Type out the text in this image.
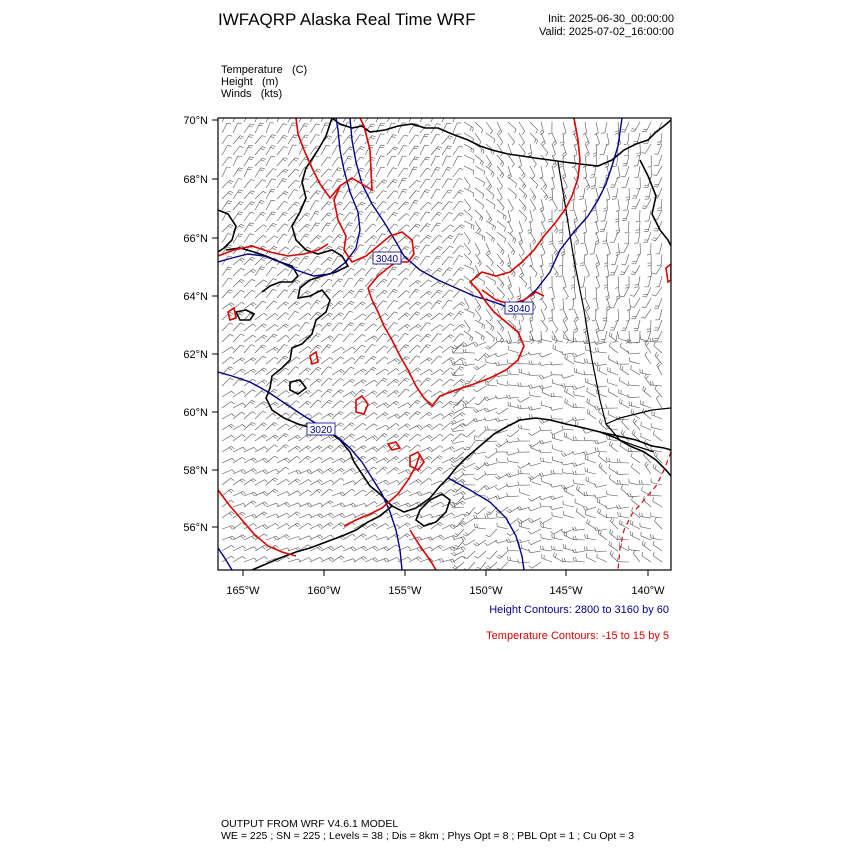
IWFAQRP Alaska Real Time WRF	Init: 2025-06-30_00:00:00
Valid: 2025-07-02_16:00:00
Temperature (C)
Height (m)
Winds (kts)
3040
3040
3020
70°N
68°N
66°N
64°N
62°N
60°N
58°N
56°N
165°W	160°W	155°W	150°W	145°W	140°W
Height Contours: 2800 to 3160 by 60
Temperature Contours: -15 to 15 by 5
OUTPUT FROM WRF V4.6.1 MODEL
WE = 225 ; SN = 225 ; Levels = 38 ; Dis = 8km ; Phys Opt = 8 ; PBL Opt = 1 ; Cu Opt = 3
